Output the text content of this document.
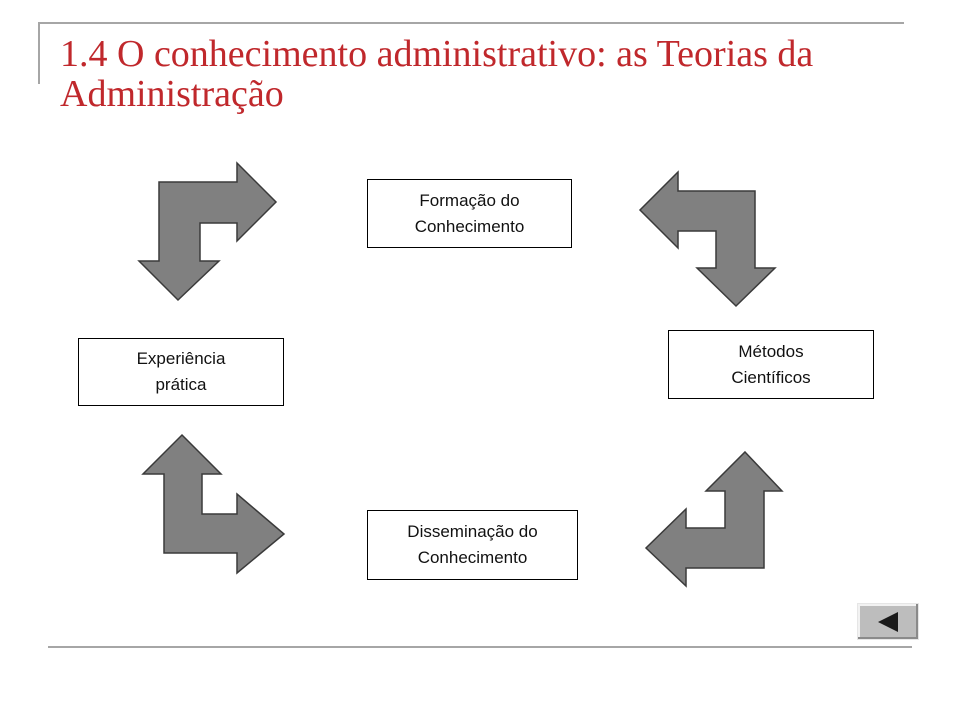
1.4 O conhecimento administrativo: as Teorias da Administração
Formação do
Conhecimento
Métodos
Científicos
Disseminação do
Conhecimento
Experiência
prática
